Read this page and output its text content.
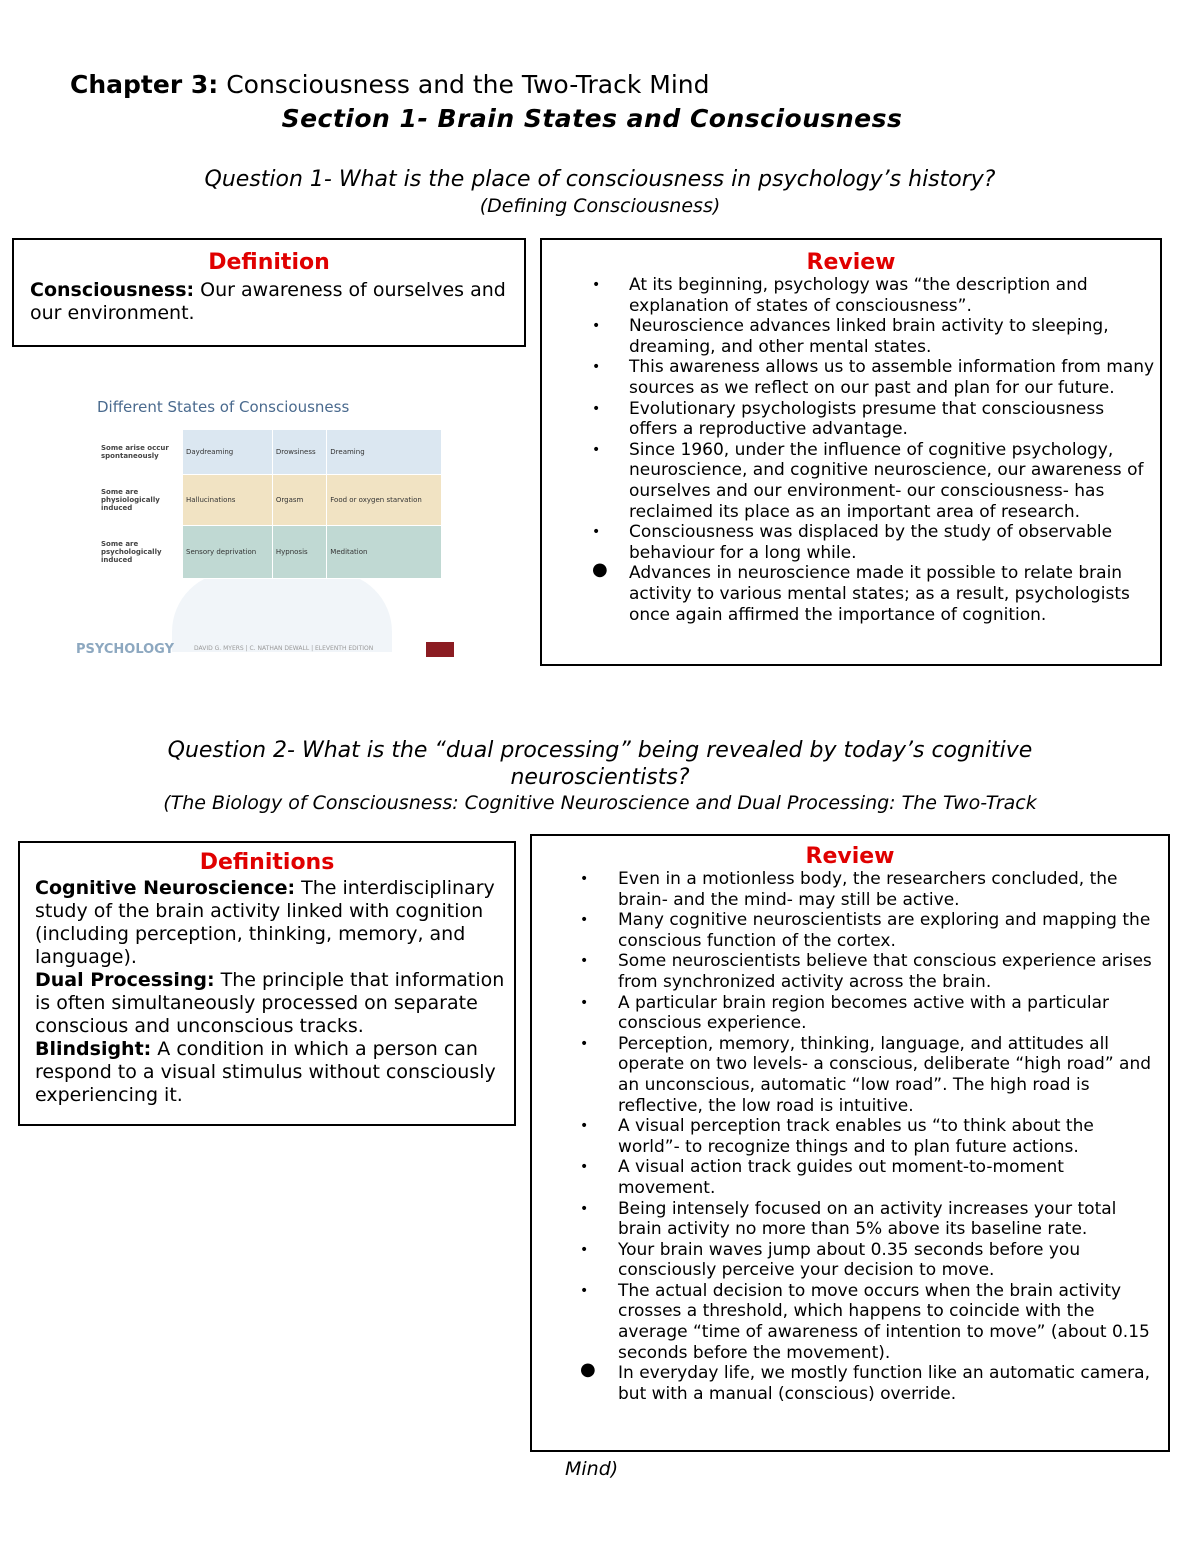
Chapter 3: Consciousness and the Two-Track Mind
Section 1- Brain States and Consciousness
Question 1- What is the place of consciousness in psychology’s history?
(Defining Consciousness)
Definition
Consciousness: Our awareness of ourselves and our environment.
Review
• At its beginning, psychology was “the description and explanation of states of consciousness”.
• Neuroscience advances linked brain activity to sleeping, dreaming, and other mental states.
• This awareness allows us to assemble information from many sources as we reflect on our past and plan for our future.
• Evolutionary psychologists presume that consciousness offers a reproductive advantage.
• Since 1960, under the influence of cognitive psychology, neuroscience, and cognitive neuroscience, our awareness of ourselves and our environment- our consciousness- has reclaimed its place as an important area of research.
• Consciousness was displaced by the study of observable behaviour for a long while.
● Advances in neuroscience made it possible to relate brain activity to various mental states; as a result, psychologists once again affirmed the importance of cognition.
Different States of Consciousness
Some arise occur spontaneously	Daydreaming	Drowsiness	Dreaming
Some are physiologically induced	Hallucinations	Orgasm	Food or oxygen starvation
Some are psychologically induced	Sensory deprivation	Hypnosis	Meditation
PSYCHOLOGY	DAVID G. MYERS | C. NATHAN DEWALL | ELEVENTH EDITION
Question 2- What is the “dual processing” being revealed by today’s cognitive neuroscientists?
(The Biology of Consciousness: Cognitive Neuroscience and Dual Processing: The Two-Track
Definitions
Cognitive Neuroscience: The interdisciplinary study of the brain activity linked with cognition (including perception, thinking, memory, and language).
Dual Processing: The principle that information is often simultaneously processed on separate conscious and unconscious tracks.
Blindsight: A condition in which a person can respond to a visual stimulus without consciously experiencing it.
Review
• Even in a motionless body, the researchers concluded, the brain- and the mind- may still be active.
• Many cognitive neuroscientists are exploring and mapping the conscious function of the cortex.
• Some neuroscientists believe that conscious experience arises from synchronized activity across the brain.
• A particular brain region becomes active with a particular conscious experience.
• Perception, memory, thinking, language, and attitudes all operate on two levels- a conscious, deliberate “high road” and an unconscious, automatic “low road”. The high road is reflective, the low road is intuitive.
• A visual perception track enables us “to think about the world”- to recognize things and to plan future actions.
• A visual action track guides out moment-to-moment movement.
• Being intensely focused on an activity increases your total brain activity no more than 5% above its baseline rate.
• Your brain waves jump about 0.35 seconds before you consciously perceive your decision to move.
• The actual decision to move occurs when the brain activity crosses a threshold, which happens to coincide with the average “time of awareness of intention to move” (about 0.15 seconds before the movement).
● In everyday life, we mostly function like an automatic camera, but with a manual (conscious) override.
Mind)
